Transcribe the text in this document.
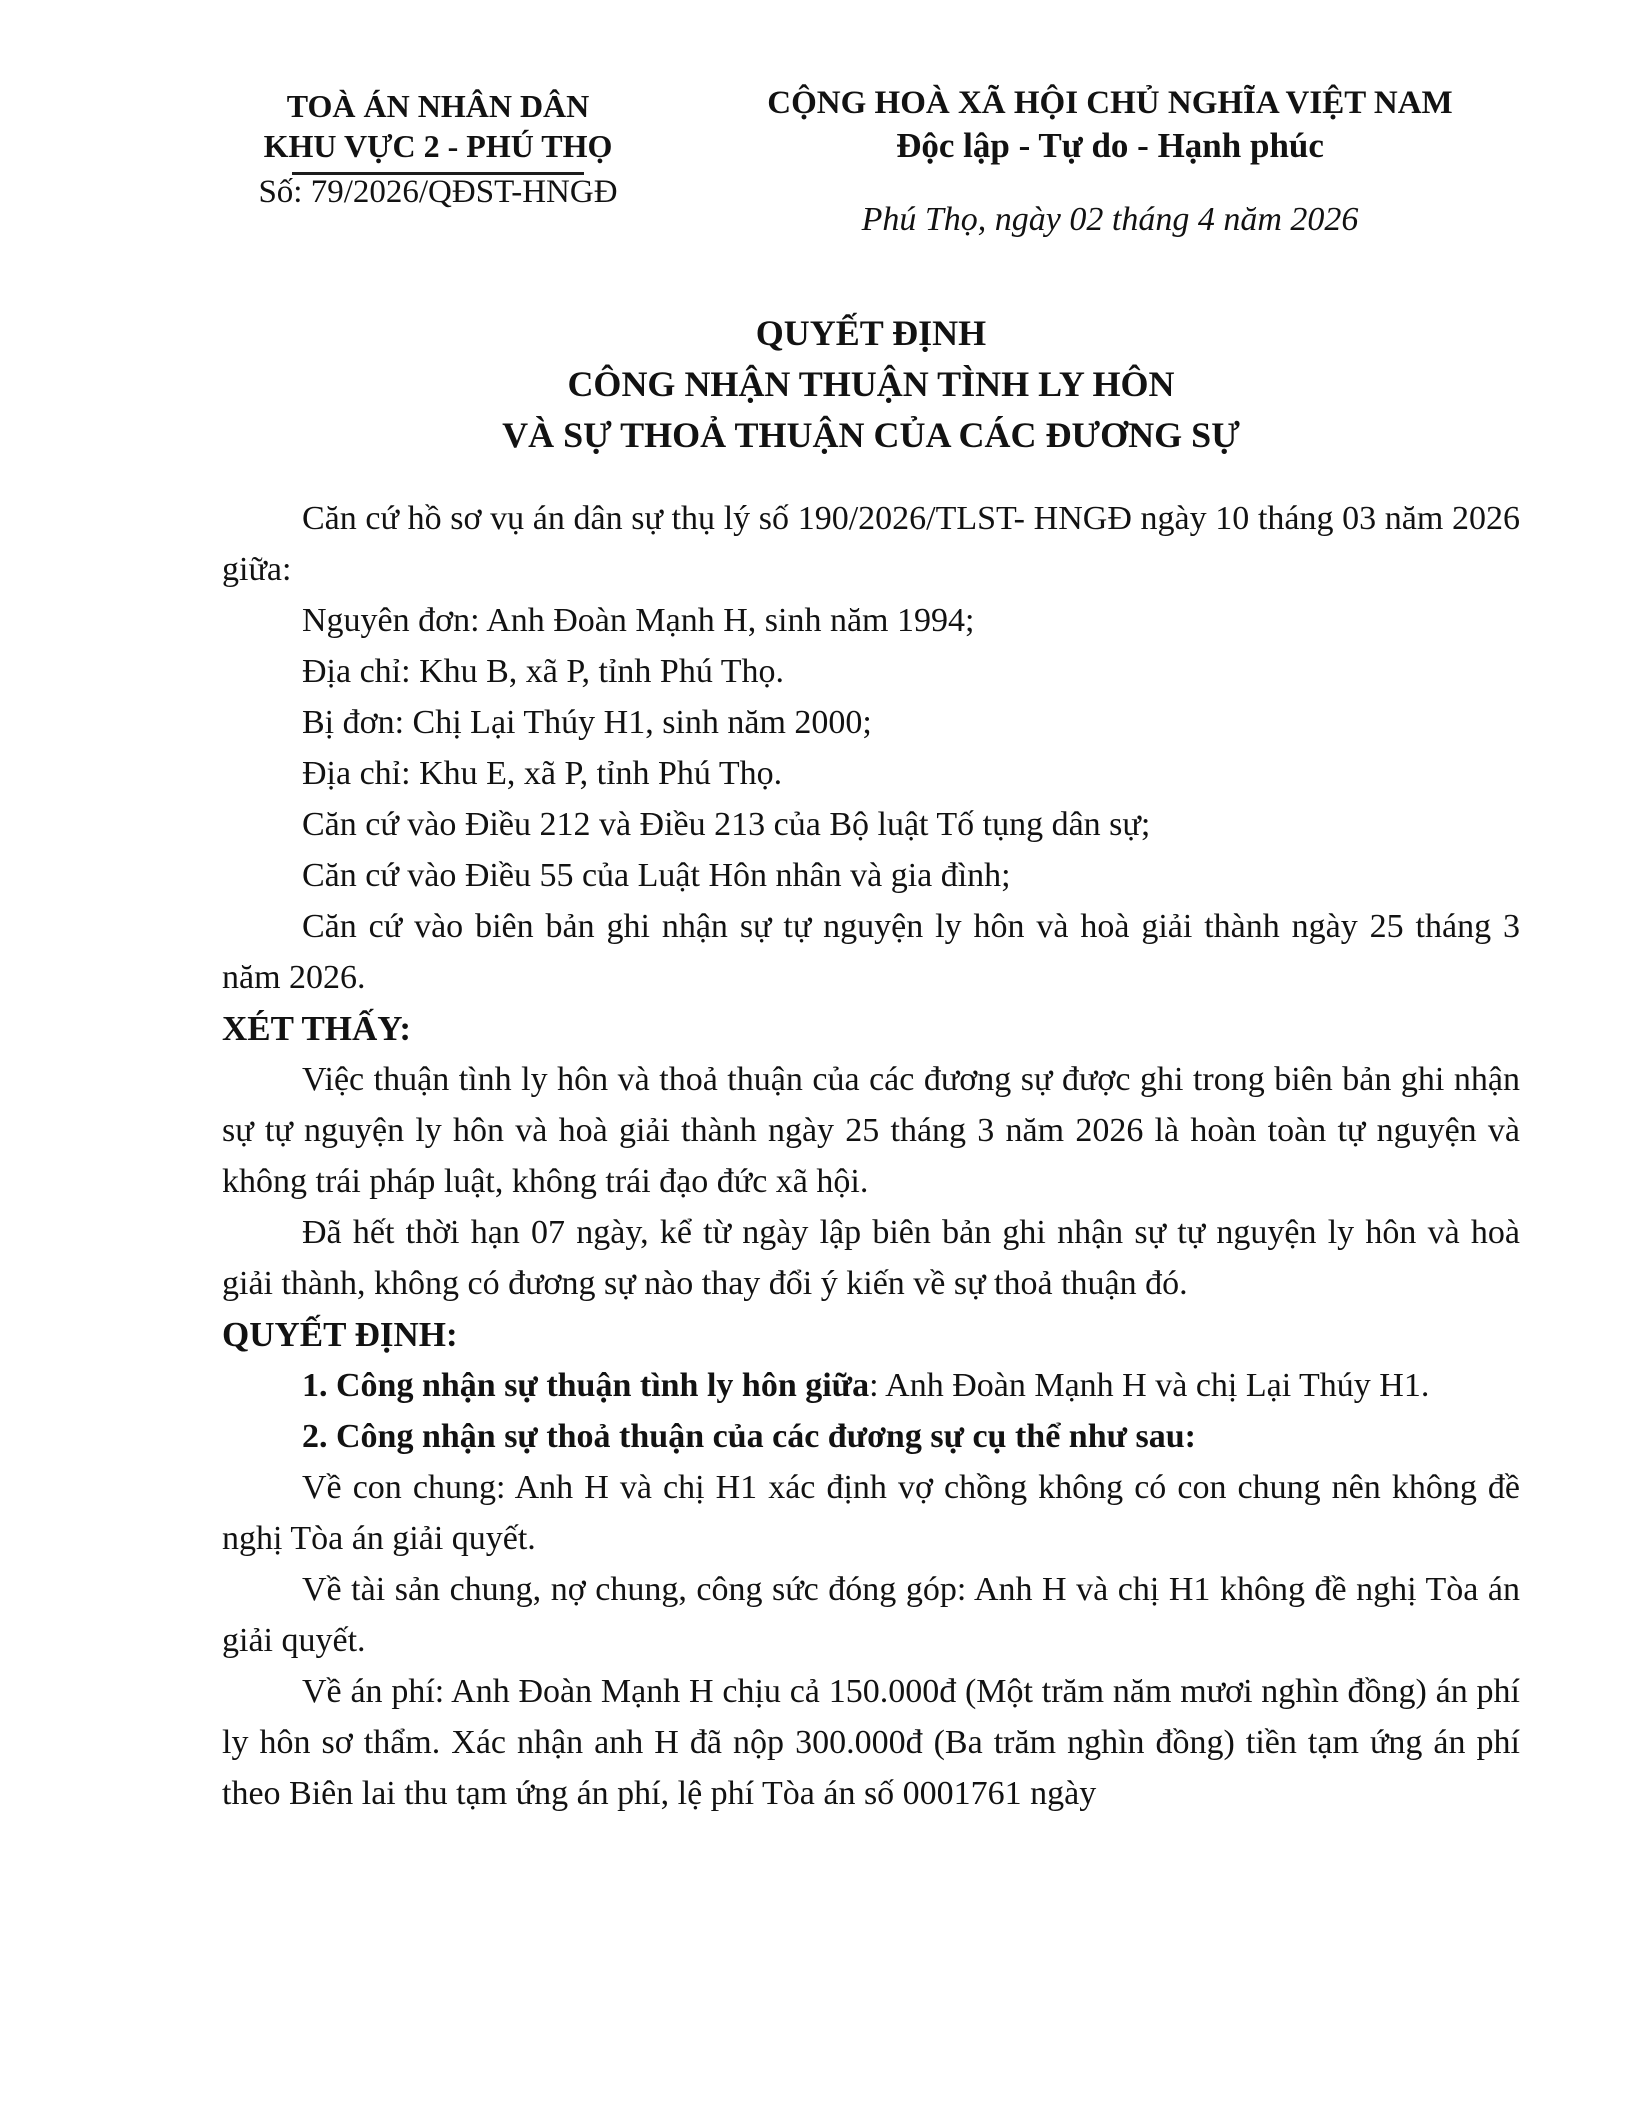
TOÀ ÁN NHÂN DÂN
KHU VỰC 2 - PHÚ THỌ
Số: 79/2026/QĐST-HNGĐ
CỘNG HOÀ XÃ HỘI CHỦ NGHĨA VIỆT NAM
Độc lập - Tự do - Hạnh phúc
Phú Thọ, ngày 02 tháng 4 năm 2026
QUYẾT ĐỊNH
CÔNG NHẬN THUẬN TÌNH LY HÔN
VÀ SỰ THOẢ THUẬN CỦA CÁC ĐƯƠNG SỰ

Căn cứ hồ sơ vụ án dân sự thụ lý số 190/2026/TLST- HNGĐ ngày 10 tháng 03 năm 2026 giữa:

Nguyên đơn: Anh Đoàn Mạnh H, sinh năm 1994;

Địa chỉ: Khu B, xã P, tỉnh Phú Thọ.

Bị đơn: Chị Lại Thúy H1, sinh năm 2000;

Địa chỉ: Khu E, xã P, tỉnh Phú Thọ.

Căn cứ vào Điều 212 và Điều 213 của Bộ luật Tố tụng dân sự;

Căn cứ vào Điều 55 của Luật Hôn nhân và gia đình;

Căn cứ vào biên bản ghi nhận sự tự nguyện ly hôn và hoà giải thành ngày 25 tháng 3 năm 2026.

XÉT THẤY:

Việc thuận tình ly hôn và thoả thuận của các đương sự được ghi trong biên bản ghi nhận sự tự nguyện ly hôn và hoà giải thành ngày 25 tháng 3 năm 2026 là hoàn toàn tự nguyện và không trái pháp luật, không trái đạo đức xã hội.

Đã hết thời hạn 07 ngày, kể từ ngày lập biên bản ghi nhận sự tự nguyện ly hôn và hoà giải thành, không có đương sự nào thay đổi ý kiến về sự thoả thuận đó.

QUYẾT ĐỊNH:

1. Công nhận sự thuận tình ly hôn giữa: Anh Đoàn Mạnh H và chị Lại Thúy H1.

2. Công nhận sự thoả thuận của các đương sự cụ thể như sau:

Về con chung: Anh H và chị H1 xác định vợ chồng không có con chung nên không đề nghị Tòa án giải quyết.

Về tài sản chung, nợ chung, công sức đóng góp: Anh H và chị H1 không đề nghị Tòa án giải quyết.

Về án phí: Anh Đoàn Mạnh H chịu cả 150.000đ (Một trăm năm mươi nghìn đồng) án phí ly hôn sơ thẩm. Xác nhận anh H đã nộp 300.000đ (Ba trăm nghìn đồng) tiền tạm ứng án phí theo Biên lai thu tạm ứng án phí, lệ phí Tòa án số 0001761 ngày
